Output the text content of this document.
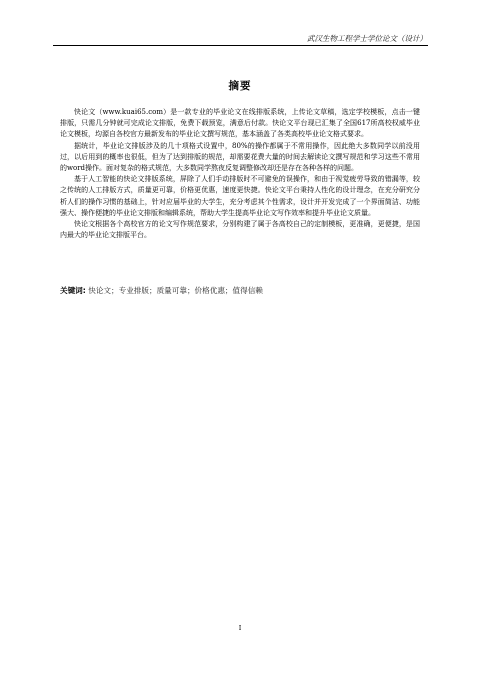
武汉生物工程学士学位论文（设计）
摘要

快论文（www.kuai65.com）是一款专业的毕业论文在线排版系统，上传论文草稿，选定学校模板，点击一键排版，只需几分钟就可完成论文排版，免费下载预览，满意后付款。快论文平台现已汇集了全国617所高校权威毕业论文模板，均源自各校官方最新发布的毕业论文撰写规范，基本涵盖了各类高校毕业论文格式要求。

据统计，毕业论文排版涉及的几十项格式设置中，80%的操作都属于不常用操作，因此绝大多数同学以前没用过，以后用到的概率也很低，但为了达到排版的规范，却需要花费大量的时间去解读论文撰写规范和学习这些不常用的word操作。面对复杂的格式规范，大多数同学熬夜反复调整修改却还是存在各种各样的问题。

基于人工智能的快论文排版系统，屏除了人们手动排版时不可避免的误操作，和由于视觉疲劳导致的错漏等，较之传统的人工排版方式，质量更可靠，价格更优惠，速度更快捷。快论文平台秉持人性化的设计理念，在充分研究分析人们的操作习惯的基础上，针对应届毕业的大学生，充分考虑其个性需求，设计并开发完成了一个界面简洁、功能强大、操作便捷的毕业论文排版和编辑系统，帮助大学生提高毕业论文写作效率和提升毕业论文质量。

快论文根据各个高校官方的论文写作规范要求，分别构建了属于各高校自己的定制模板，更准确，更便捷，是国内最大的毕业论文排版平台。

关键词: 快论文；专业排版；质量可靠；价格优惠；值得信赖
I
